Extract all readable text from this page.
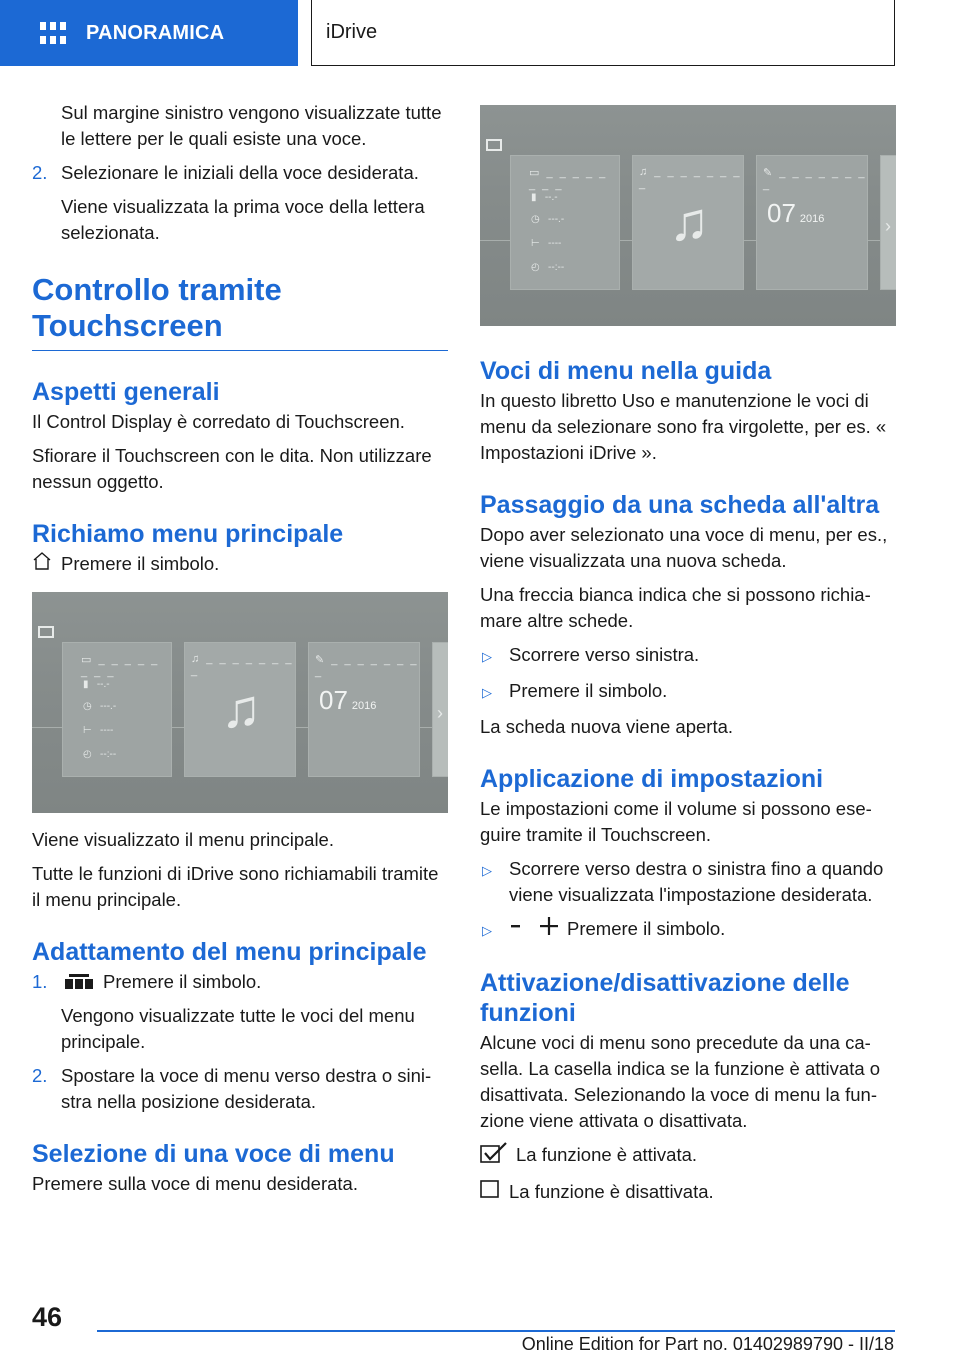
PANORAMICA	iDrive

Sul margine sinistro vengono visualizzate tutte le lettere per le quali esiste una voce.

2. Selezionare le iniziali della voce desiderata.

Viene visualizzata la prima voce della lettera selezionata.

Controllo tramite
Touchscreen
Aspetti generali

Il Control Display è corredato di Touchscreen.

Sfiorare il Touchscreen con le dita. Non utilizzare nessun oggetto.

Richiamo menu principale
Premere il simbolo.
▭ _ _ _ _ _ _ _ _
▮   --.-
◷   ---.-
⊢   ----
◴   --:--
♫ _ _ _ _ _ _ _ _
♫
✎ _ _ _ _ _ _ _ _
07 2016	›

Viene visualizzato il menu principale.

Tutte le funzioni di iDrive sono richiamabili tramite il menu principale.

Adattamento del menu principale
1.	Premere il simbolo.

Vengono visualizzate tutte le voci del menu principale.

2. Spostare la voce di menu verso destra o sinistra nella posizione desiderata.
Selezione di una voce di menu

Premere sulla voce di menu desiderata.

▭ _ _ _ _ _ _ _ _
▮   --.-
◷   ---.-
⊢   ----
◴   --:--
♫ _ _ _ _ _ _ _ _
♫
✎ _ _ _ _ _ _ _ _
07 2016	›
Voci di menu nella guida

In questo libretto Uso e manutenzione le voci di menu da selezionare sono fra virgolette, per es. « Impostazioni iDrive ».

Passaggio da una scheda all'altra

Dopo aver selezionato una voce di menu, per es., viene visualizzata una nuova scheda.

Una freccia bianca indica che si possono richiamare altre schede.

▷ Scorrere verso sinistra.
▷ Premere il simbolo.

La scheda nuova viene aperta.

Applicazione di impostazioni

Le impostazioni come il volume si possono eseguire tramite il Touchscreen.

▷ Scorrere verso destra o sinistra fino a quando viene visualizzata l'impostazione desiderata.
▷	Premere il simbolo.
Attivazione/disattivazione delle funzioni

Alcune voci di menu sono precedute da una casella. La casella indica se la funzione è attivata o disattivata. Selezionando la voce di menu la funzione viene attivata o disattivata.

La funzione è attivata.
La funzione è disattivata.
46
Online Edition for Part no. 01402989790 - II/18
